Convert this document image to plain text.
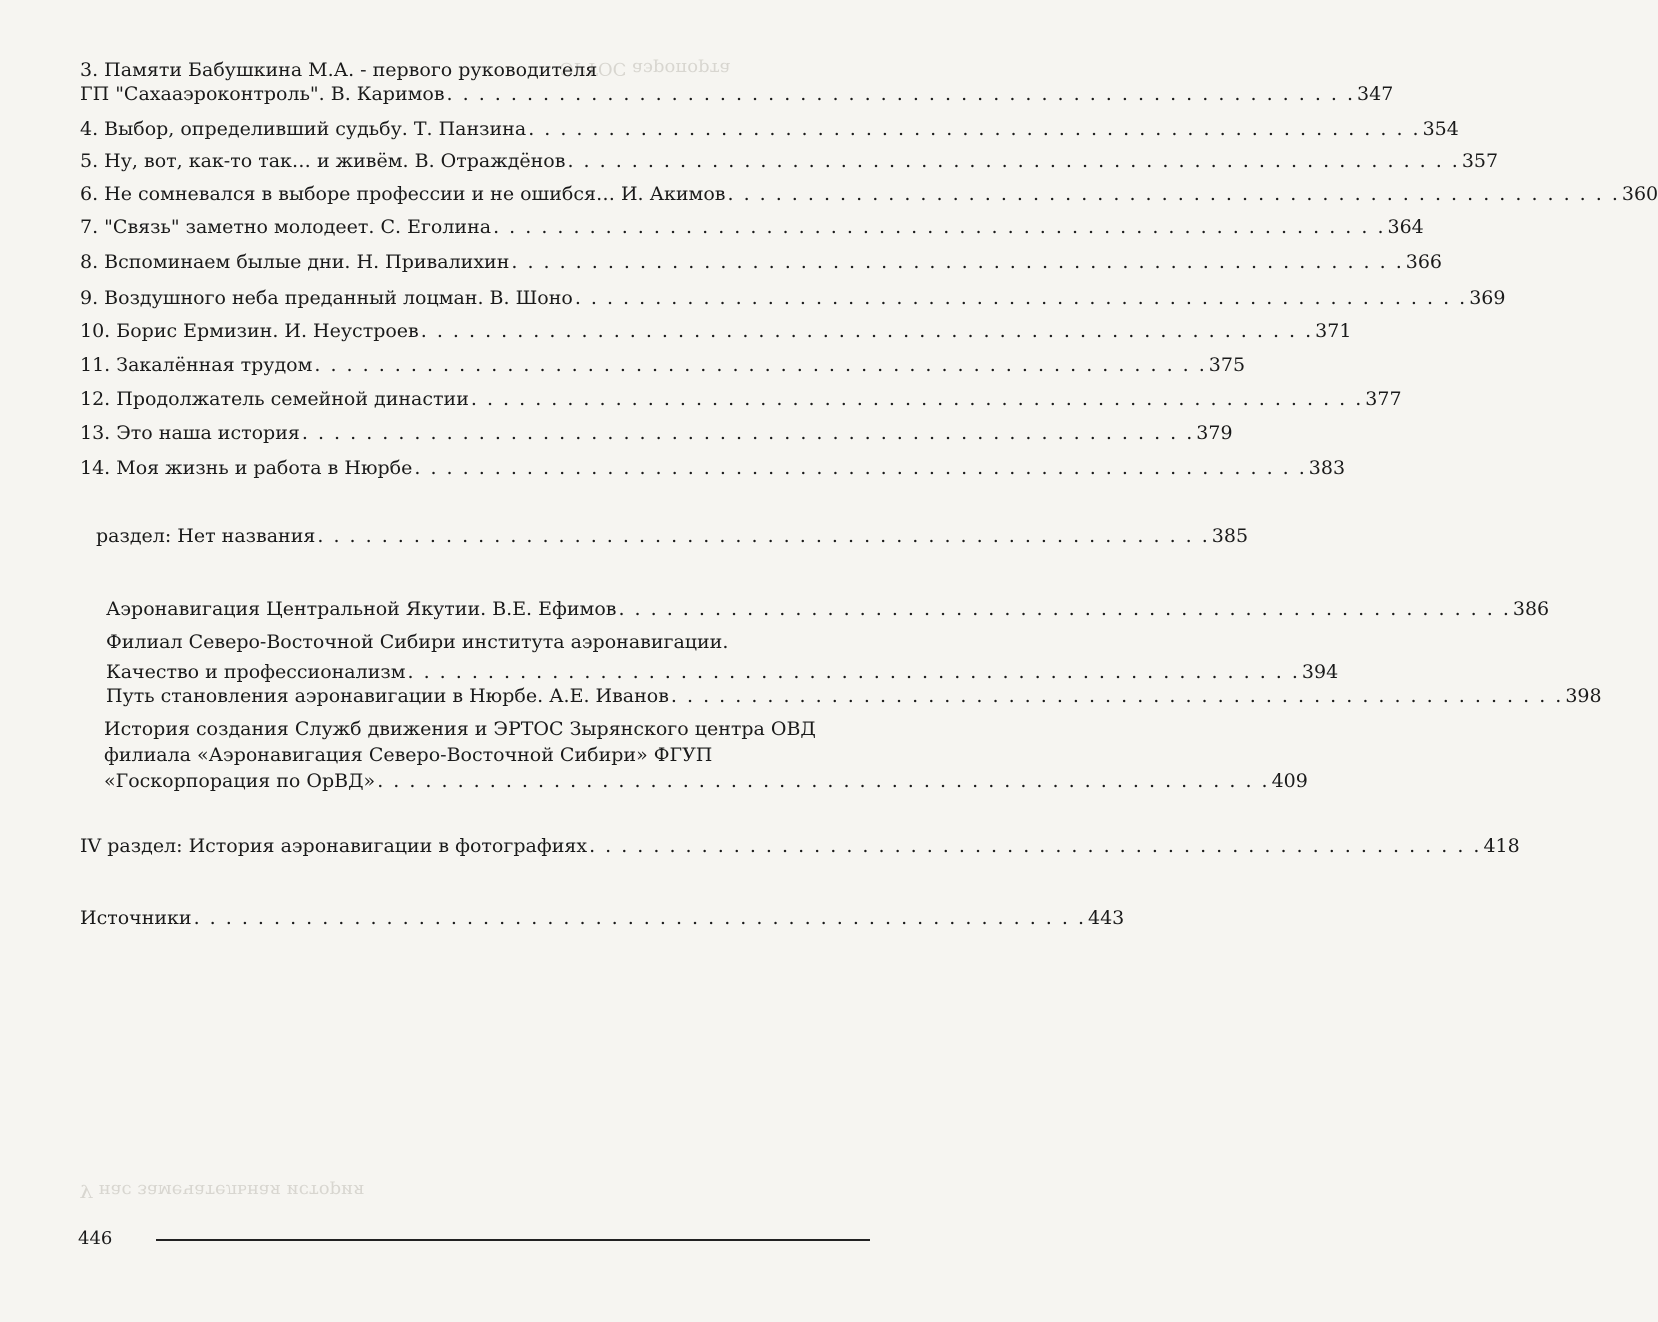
ЭРТОС аэропорта
У нас замечательная история
3. Памяти Бабушкина М.А. - первого руководителя
ГП "Сахааэроконтроль". В. Каримов . . . . . . . . . . . . . . . . . . . . . . . . . . . . . . . . . . . . . . . . . . . . . . . . . . . . . . . . . 347
4. Выбор, определивший судьбу. Т. Панзина . . . . . . . . . . . . . . . . . . . . . . . . . . . . . . . . . . . . . . . . . . . . . . . . . . . . . . . . 354
5. Ну, вот, как-то так… и живём. В. Отраждёнов . . . . . . . . . . . . . . . . . . . . . . . . . . . . . . . . . . . . . . . . . . . . . . . . . . . . . . . . 357
6. Не сомневался в выборе профессии и не ошибся… И. Акимов . . . . . . . . . . . . . . . . . . . . . . . . . . . . . . . . . . . . . . . . . . . . . . . . . . . . . . . . 360
7. "Связь" заметно молодеет. С. Еголина . . . . . . . . . . . . . . . . . . . . . . . . . . . . . . . . . . . . . . . . . . . . . . . . . . . . . . . . 364
8. Вспоминаем былые дни. Н. Привалихин . . . . . . . . . . . . . . . . . . . . . . . . . . . . . . . . . . . . . . . . . . . . . . . . . . . . . . . . 366
9. Воздушного неба преданный лоцман. В. Шоно . . . . . . . . . . . . . . . . . . . . . . . . . . . . . . . . . . . . . . . . . . . . . . . . . . . . . . . . 369
10. Борис Ермизин. И. Неустроев . . . . . . . . . . . . . . . . . . . . . . . . . . . . . . . . . . . . . . . . . . . . . . . . . . . . . . . . 371
11. Закалённая трудом . . . . . . . . . . . . . . . . . . . . . . . . . . . . . . . . . . . . . . . . . . . . . . . . . . . . . . . . 375
12. Продолжатель семейной династии . . . . . . . . . . . . . . . . . . . . . . . . . . . . . . . . . . . . . . . . . . . . . . . . . . . . . . . . 377
13. Это наша история . . . . . . . . . . . . . . . . . . . . . . . . . . . . . . . . . . . . . . . . . . . . . . . . . . . . . . . . 379
14. Моя жизнь и работа в Нюрбе . . . . . . . . . . . . . . . . . . . . . . . . . . . . . . . . . . . . . . . . . . . . . . . . . . . . . . . . 383
раздел: Нет названия . . . . . . . . . . . . . . . . . . . . . . . . . . . . . . . . . . . . . . . . . . . . . . . . . . . . . . . . 385
Аэронавигация Центральной Якутии. В.Е. Ефимов . . . . . . . . . . . . . . . . . . . . . . . . . . . . . . . . . . . . . . . . . . . . . . . . . . . . . . . . 386
Филиал Северо-Восточной Сибири института аэронавигации.
Качество и профессионализм . . . . . . . . . . . . . . . . . . . . . . . . . . . . . . . . . . . . . . . . . . . . . . . . . . . . . . . . 394
Путь становления аэронавигации в Нюрбе. А.Е. Иванов . . . . . . . . . . . . . . . . . . . . . . . . . . . . . . . . . . . . . . . . . . . . . . . . . . . . . . . . 398
История создания Служб движения и ЭРТОС Зырянского центра ОВД
филиала «Аэронавигация Северо-Восточной Сибири» ФГУП
«Госкорпорация по ОрВД» . . . . . . . . . . . . . . . . . . . . . . . . . . . . . . . . . . . . . . . . . . . . . . . . . . . . . . . . 409
IV раздел: История аэронавигации в фотографиях . . . . . . . . . . . . . . . . . . . . . . . . . . . . . . . . . . . . . . . . . . . . . . . . . . . . . . . . 418
Источники . . . . . . . . . . . . . . . . . . . . . . . . . . . . . . . . . . . . . . . . . . . . . . . . . . . . . . . . 443
446
